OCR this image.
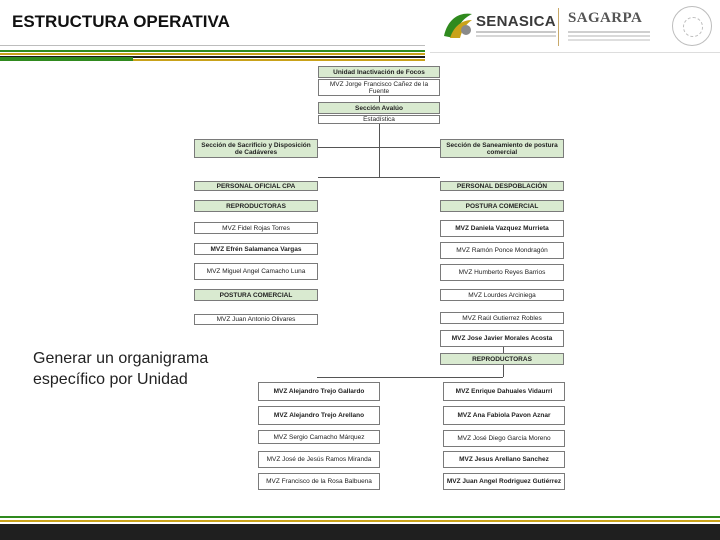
ESTRUCTURA OPERATIVA	SENASICA SAGARPA
Unidad Inactivación de Focos
MVZ Jorge Francisco Cañez de la Fuente
Sección Avalúo
Estadística
Sección de Sacrificio y Disposición de Cadáveres
Sección de Saneamiento de postura comercial
PERSONAL OFICIAL CPA	PERSONAL DESPOBLACIÓN
REPRODUCTORAS	POSTURA COMERCIAL
MVZ Fidel Rojas Torres
MVZ Efrén Salamanca Vargas
MVZ Miguel Angel Camacho Luna
POSTURA COMERCIAL
MVZ Juan Antonio Olivares
MVZ Daniela Vazquez Murrieta
MVZ Ramón Ponce Mondragón
MVZ Humberto Reyes Barrios
MVZ Lourdes Arciniega
MVZ Raúl Gutierrez Robles
MVZ Jose Javier Morales Acosta
REPRODUCTORAS
MVZ Alejandro Trejo Gallardo
MVZ Alejandro Trejo Arellano
MVZ Sergio Camacho Márquez
MVZ José de Jesús Ramos Miranda
MVZ Francisco de la Rosa Balbuena
MVZ Enrique Dahuales Vidaurri
MVZ Ana Fabiola Pavon Aznar
MVZ José Diego García Moreno
MVZ Jesus Arellano Sanchez
MVZ Juan Angel Rodriguez Gutiérrez
Generar un organigrama específico por Unidad
